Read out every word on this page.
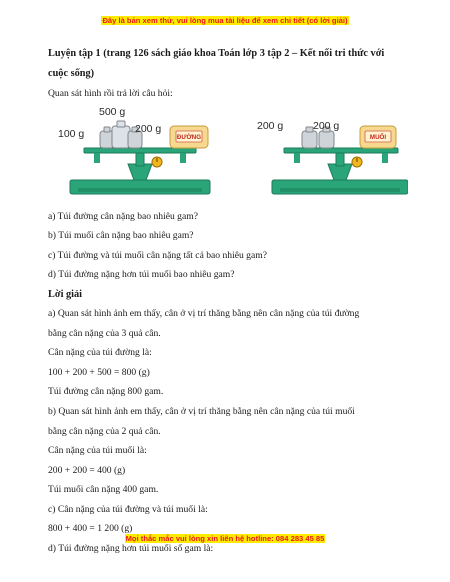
Đây là bản xem thử, vui lòng mua tài liệu để xem chi tiết (có lời giải)
Luyện tập 1 (trang 126 sách giáo khoa Toán lớp 3 tập 2 – Kết nối tri thức với
cuộc sống)
Quan sát hình rồi trả lời câu hỏi:
ĐƯỜNG	MUỐI
500 g
100 g	200 g	200 g	200 g
a) Túi đường cân nặng bao nhiêu gam?
b) Túi muối cân nặng bao nhiêu gam?
c) Túi đường và túi muối cân nặng tất cả bao nhiêu gam?
d) Túi đường nặng hơn túi muối bao nhiêu gam?
Lời giải
a) Quan sát hình ảnh em thấy, cân ở vị trí thăng bằng nên cân nặng của túi đường
bằng cân nặng của 3 quả cân.
Cân nặng của túi đường là:
100 + 200 + 500 = 800 (g)
Túi đường cân nặng 800 gam.
b) Quan sát hình ảnh em thấy, cân ở vị trí thăng bằng nên cân nặng của túi muối
bằng cân nặng của 2 quả cân.
Cân nặng của túi muối là:
200 + 200 = 400 (g)
Túi muối cân nặng 400 gam.
c) Cân nặng của túi đường và túi muối là:
800 + 400 = 1 200 (g)
d) Túi đường nặng hơn túi muối số gam là:
Mọi thắc mắc vui lòng xin liên hệ hotline: 084 283 45 85
